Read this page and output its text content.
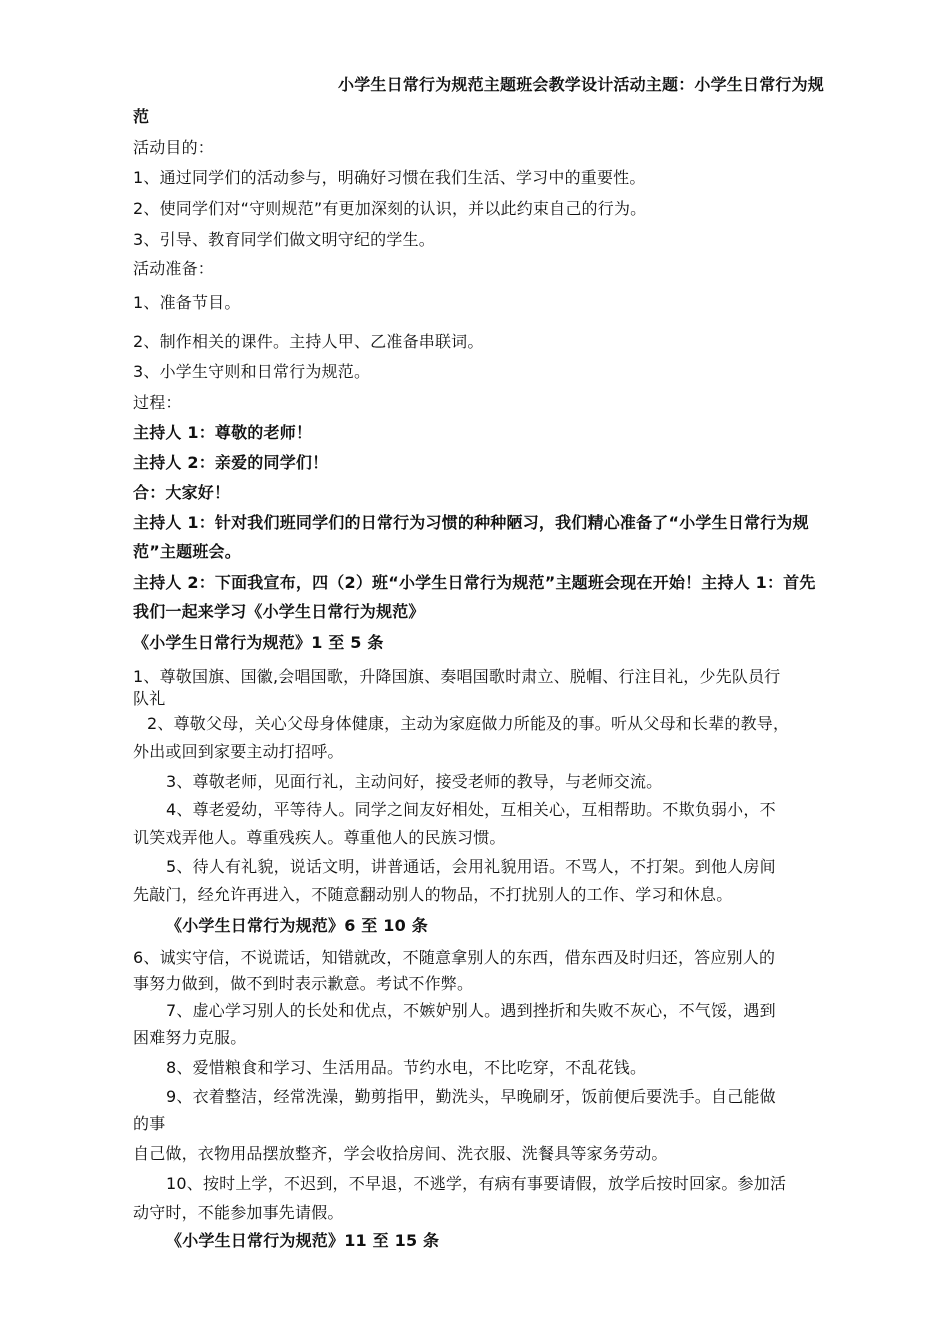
小学生日常行为规范主题班会教学设计活动主题：小学生日常行为规
范
活动目的：
1、通过同学们的活动参与，明确好习惯在我们生活、学习中的重要性。
2、使同学们对“守则规范”有更加深刻的认识，并以此约束自己的行为。
3、引导、教育同学们做文明守纪的学生。
活动准备：
1、准备节目。
2、制作相关的课件。主持人甲、乙准备串联词。
3、小学生守则和日常行为规范。
过程：
主持人 1：尊敬的老师！
主持人 2：亲爱的同学们！
合：大家好！
主持人 1：针对我们班同学们的日常行为习惯的种种陋习，我们精心准备了“小学生日常行为规
范”主题班会。
主持人 2：下面我宣布，四（2）班“小学生日常行为规范”主题班会现在开始！主持人 1：首先
我们一起来学习《小学生日常行为规范》
《小学生日常行为规范》1 至 5 条
1、尊敬国旗、国徽,会唱国歌，升降国旗、奏唱国歌时肃立、脱帽、行注目礼，少先队员行
队礼
2、尊敬父母，关心父母身体健康，主动为家庭做力所能及的事。听从父母和长辈的教导，
外出或回到家要主动打招呼。
3、尊敬老师，见面行礼，主动问好，接受老师的教导，与老师交流。
4、尊老爱幼，平等待人。同学之间友好相处，互相关心，互相帮助。不欺负弱小，不
讥笑戏弄他人。尊重残疾人。尊重他人的民族习惯。
5、待人有礼貌，说话文明，讲普通话，会用礼貌用语。不骂人，不打架。到他人房间
先敲门，经允许再进入，不随意翻动别人的物品，不打扰别人的工作、学习和休息。
《小学生日常行为规范》6 至 10 条
6、诚实守信，不说谎话，知错就改，不随意拿别人的东西，借东西及时归还，答应别人的
事努力做到，做不到时表示歉意。考试不作弊。
7、虚心学习别人的长处和优点，不嫉妒别人。遇到挫折和失败不灰心，不气馁，遇到
困难努力克服。
8、爱惜粮食和学习、生活用品。节约水电，不比吃穿，不乱花钱。
9、衣着整洁，经常洗澡，勤剪指甲，勤洗头，早晚刷牙，饭前便后要洗手。自己能做
的事
自己做，衣物用品摆放整齐，学会收拾房间、洗衣服、洗餐具等家务劳动。
10、按时上学，不迟到，不早退，不逃学，有病有事要请假，放学后按时回家。参加活
动守时，不能参加事先请假。
《小学生日常行为规范》11 至 15 条
